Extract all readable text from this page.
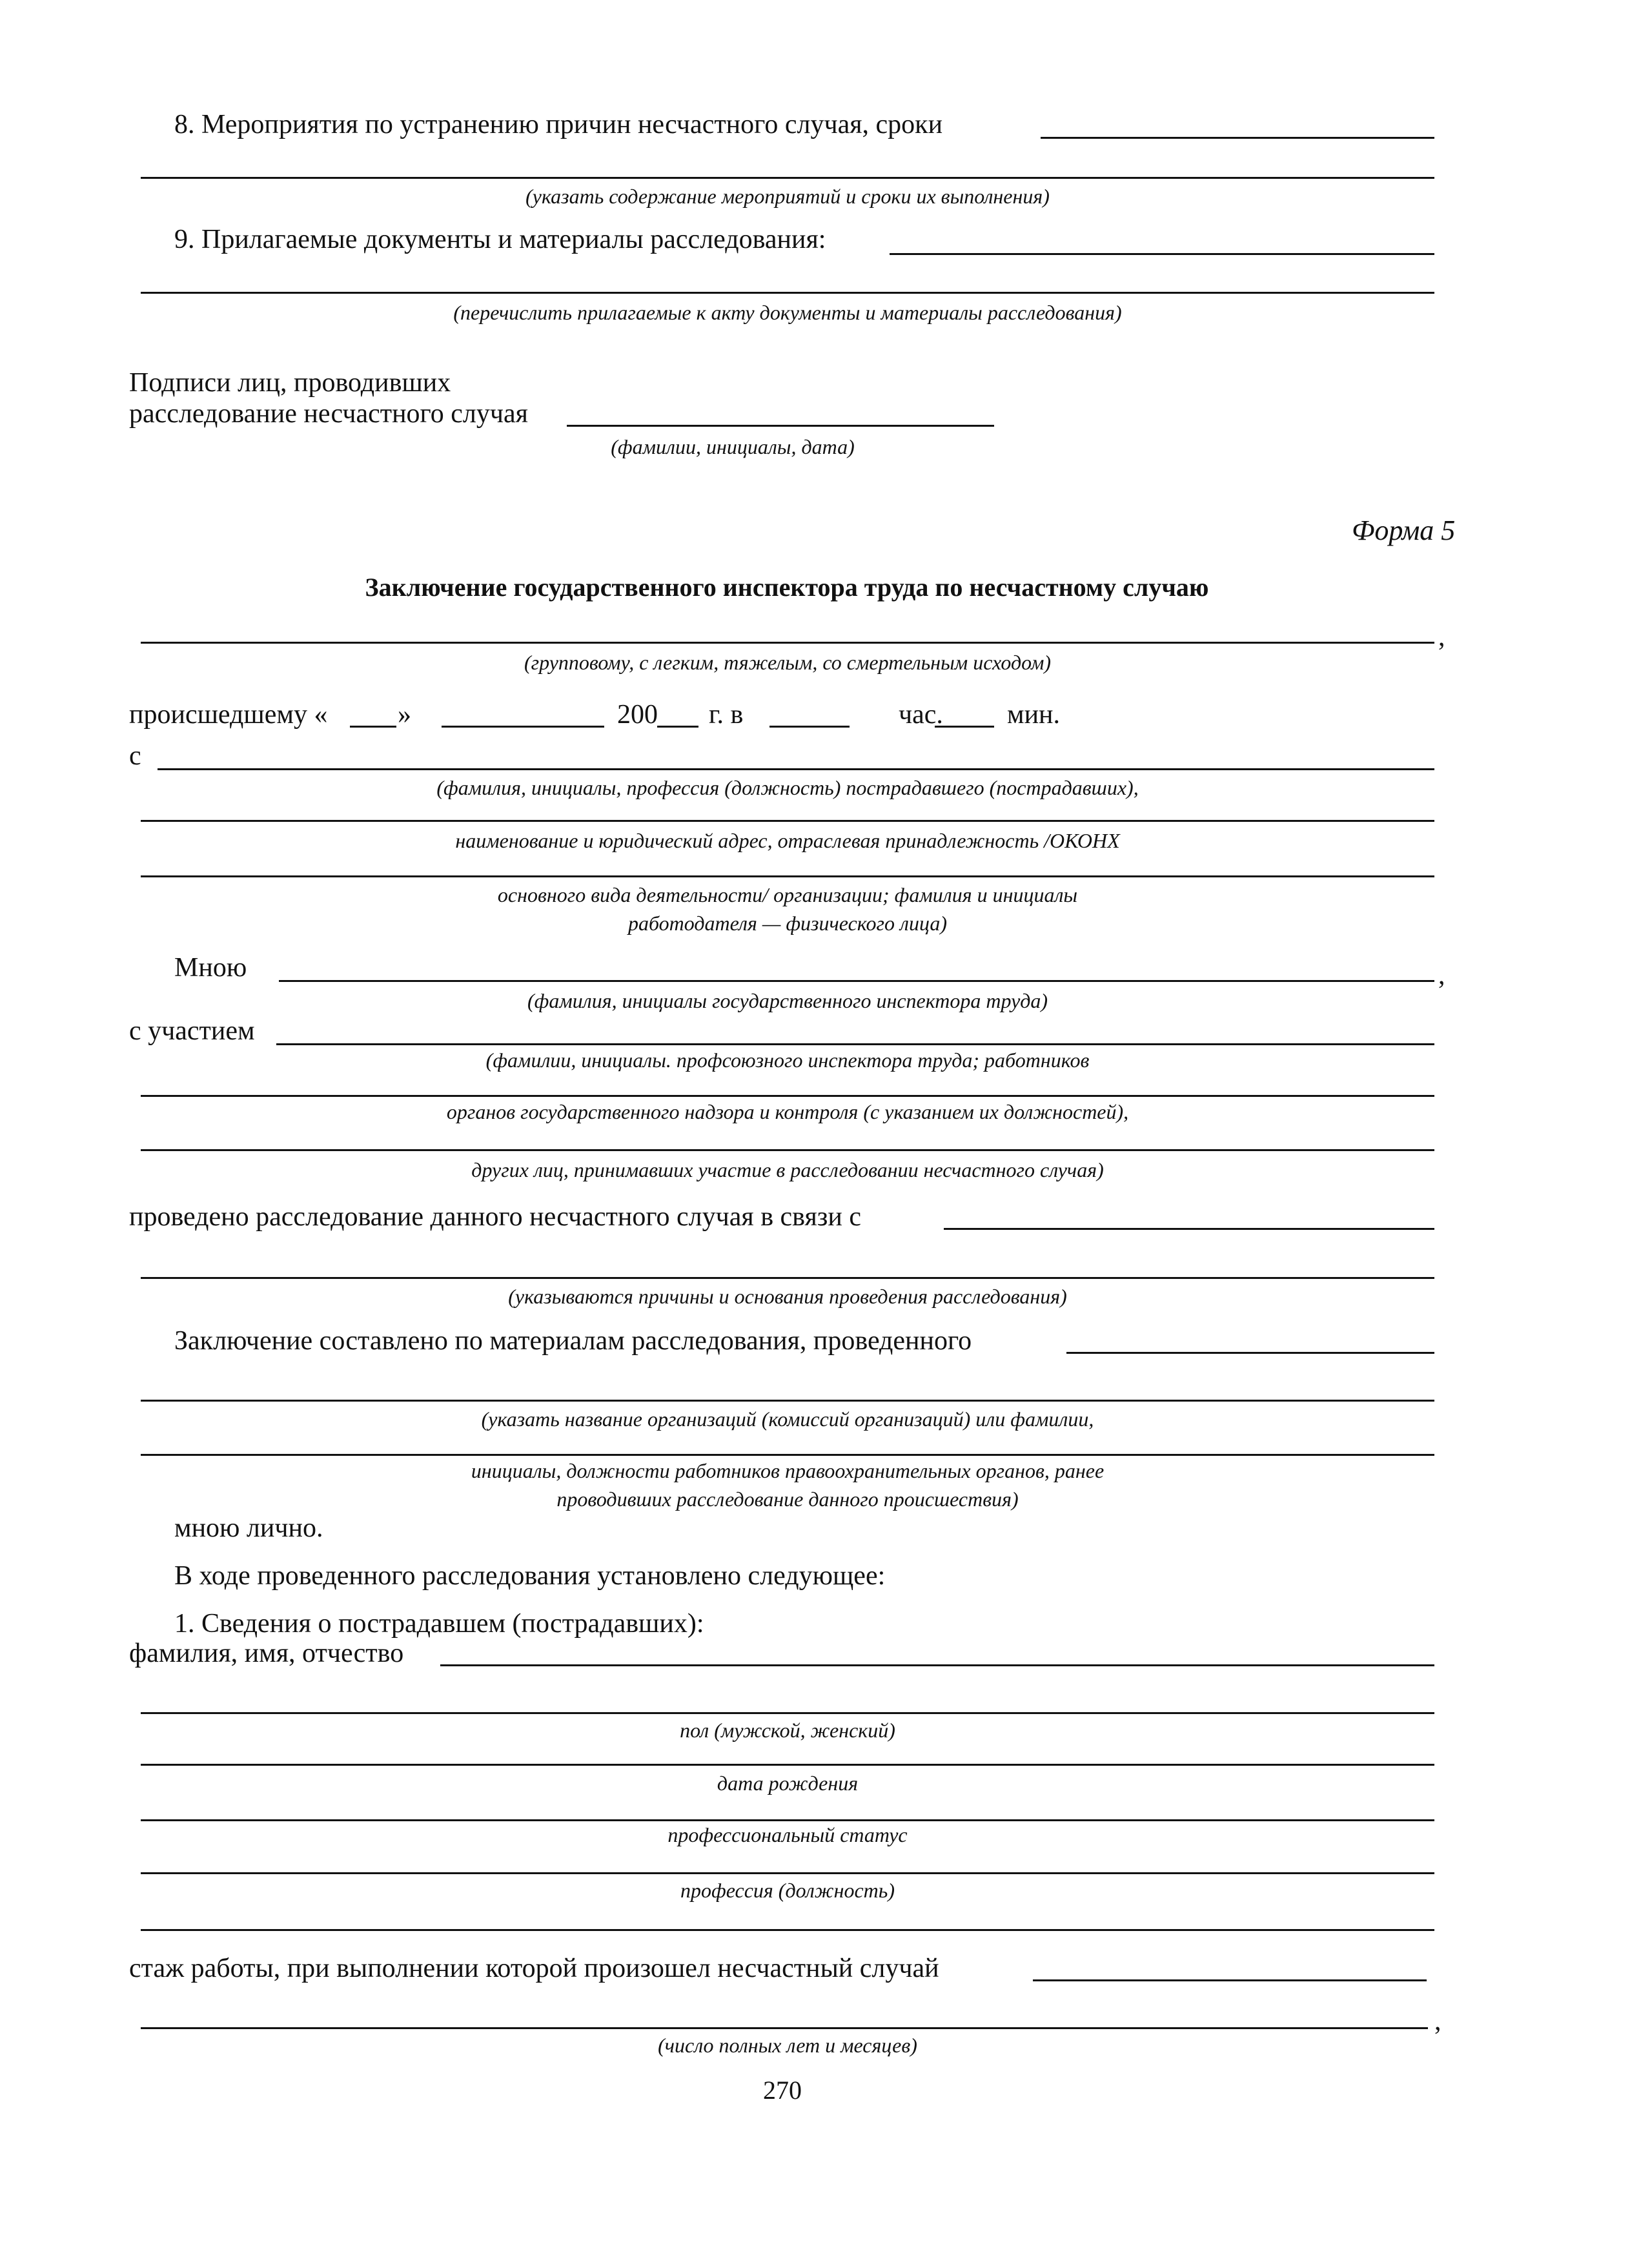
8. Мероприятия по устранению причин несчастного случая, сроки
(указать содержание мероприятий и сроки их выполнения)
9. Прилагаемые документы и материалы расследования:
(перечислить прилагаемые к акту документы и материалы расследования)
Подписи лиц, проводивших
расследование несчастного случая
(фамилии, инициалы, дата)
Форма 5
Заключение государственного инспектора труда по несчастному случаю
,
(групповому, с легким, тяжелым, со смертельным исходом)
происшедшему «	»	200 г. в	час. мин.
с
(фамилия, инициалы, профессия (должность) пострадавшего (пострадавших),
наименование и юридический адрес, отраслевая принадлежность /ОКОНХ
основного вида деятельности/ организации; фамилия и инициалы
работодателя — физического лица)
Мною	,
(фамилия, инициалы государственного инспектора труда)
с участием
(фамилии, инициалы. профсоюзного инспектора труда; работников
органов государственного надзора и контроля (с указанием их должностей),
других лиц, принимавших участие в расследовании несчастного случая)
проведено расследование данного несчастного случая в связи с
(указываются причины и основания проведения расследования)
Заключение составлено по материалам расследования, проведенного
(указать название организаций (комиссий организаций) или фамилии,
инициалы, должности работников правоохранительных органов, ранее
проводивших расследование данного происшествия)
мною лично.
В ходе проведенного расследования установлено следующее:
1. Сведения о пострадавшем (пострадавших):
фамилия, имя, отчество
пол (мужской, женский)
дата рождения
профессиональный статус
профессия (должность)
стаж работы, при выполнении которой произошел несчастный случай
,
(число полных лет и месяцев)
270
